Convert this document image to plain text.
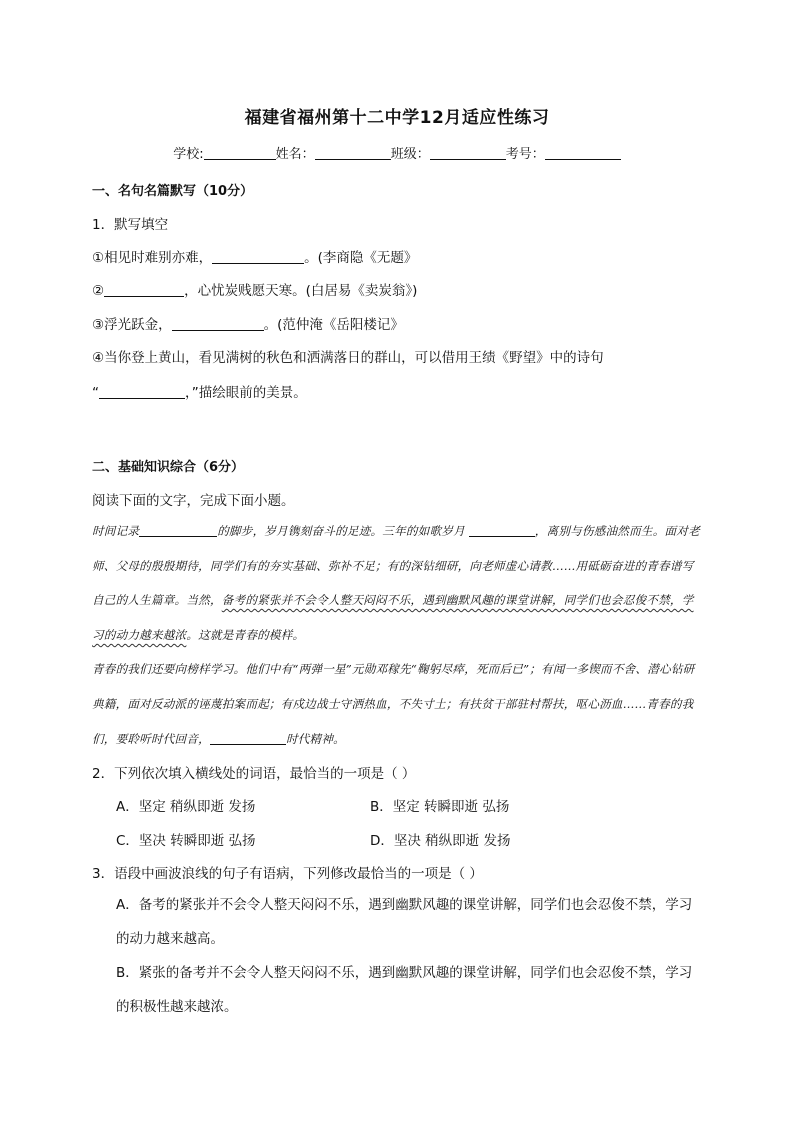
福建省福州第十二中学12月适应性练习
学校:	姓名：	班级：	考号：
一、名句名篇默写（10分）
1．默写填空
①相见时难别亦难，	。(李商隐《无题》
②	，心忧炭贱愿天寒。(白居易《卖炭翁》)
③浮光跃金，	。(范仲淹《岳阳楼记》
④当你登上黄山，看见满树的秋色和洒满落日的群山，可以借用王绩《野望》中的诗句
“	，”描绘眼前的美景。
二、基础知识综合（6分）
阅读下面的文字，完成下面小题。

时间记录	的脚步，岁月镌刻奋斗的足迹。三年的如歌岁月	，离别与伤感油然而生。面对老师、父母的殷殷期待，同学们有的夯实基础、弥补不足；有的深钻细研，向老师虚心请教……用砥砺奋进的青春谱写自己的人生篇章。当然，备考的紧张并不会令人整天闷闷不乐，遇到幽默风趣的课堂讲解，同学们也会忍俊不禁，学习的动力越来越浓。这就是青春的模样。

青春的我们还要向榜样学习。他们中有“两弹一星”元勋邓稼先“鞠躬尽瘁，死而后已”；有闻一多锲而不舍、潜心钻研典籍，面对反动派的诬蔑拍案而起；有戍边战士守洒热血，不失寸土；有扶贫干部驻村帮扶，呕心沥血……青春的我们，要聆听时代回音，	时代精神。

2．下列依次填入横线处的词语，最恰当的一项是（ ）
A．坚定 稍纵即逝 发扬	B．坚定 转瞬即逝 弘扬
C．坚决 转瞬即逝 弘扬	D．坚决 稍纵即逝 发扬
3．语段中画波浪线的句子有语病，下列修改最恰当的一项是（ ）

A．备考的紧张并不会令人整天闷闷不乐，遇到幽默风趣的课堂讲解，同学们也会忍俊不禁，学习的动力越来越高。

B．紧张的备考并不会令人整天闷闷不乐，遇到幽默风趣的课堂讲解，同学们也会忍俊不禁，学习的积极性越来越浓。
